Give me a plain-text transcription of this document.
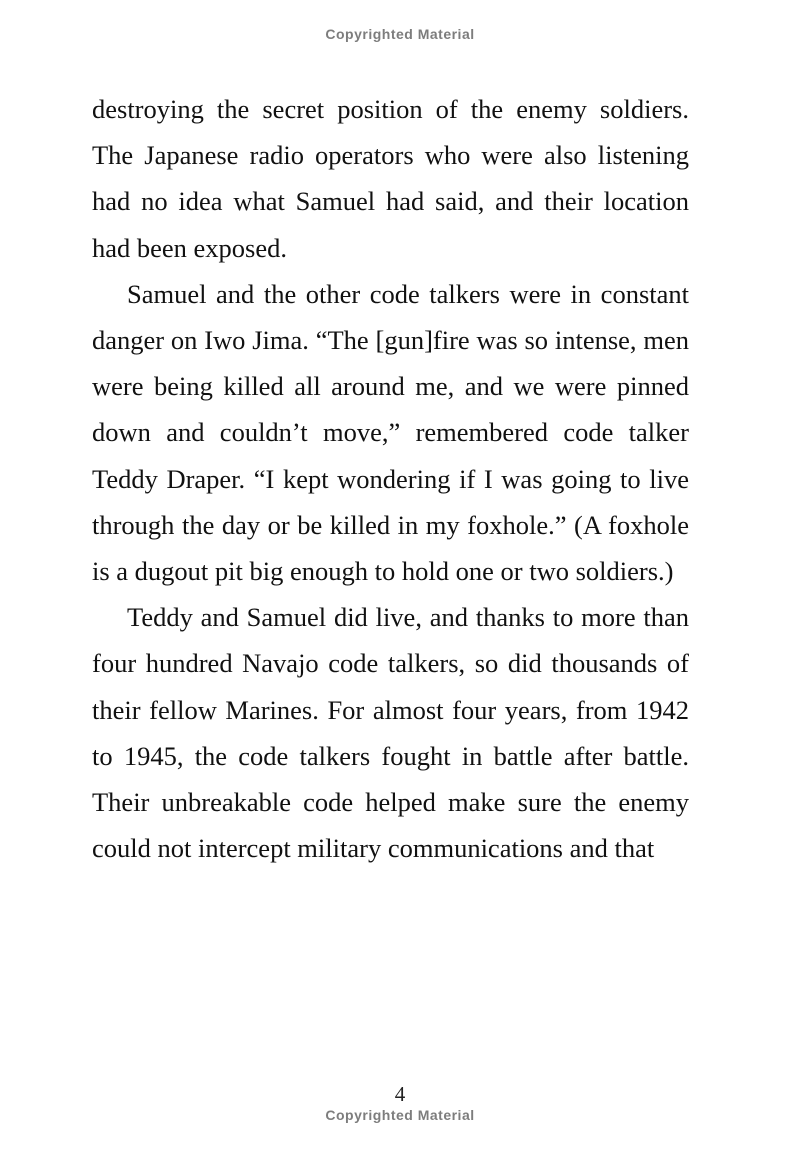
Copyrighted Material

destroying the secret position of the enemy soldiers. The Japanese radio operators who were also listening had no idea what Samuel had said, and their location had been exposed.

Samuel and the other code talkers were in constant danger on Iwo Jima. “The [gun]fire was so intense, men were being killed all around me, and we were pinned down and couldn’t move,” remembered code talker Teddy Draper. “I kept wondering if I was going to live through the day or be killed in my foxhole.” (A foxhole is a dugout pit big enough to hold one or two soldiers.)

Teddy and Samuel did live, and thanks to more than four hundred Navajo code talkers, so did thousands of their fellow Marines. For almost four years, from 1942 to 1945, the code talkers fought in battle after battle. Their unbreakable code helped make sure the enemy could not intercept military communications and that

4
Copyrighted Material
